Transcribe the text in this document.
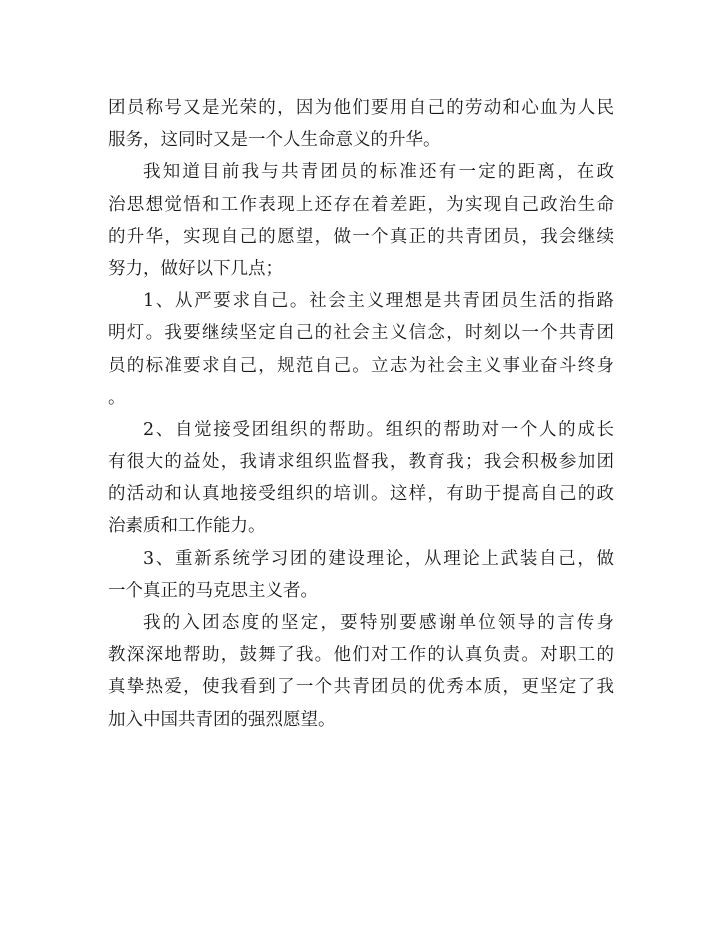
团员称号又是光荣的，因为他们要用自己的劳动和心血为人民
服务，这同时又是一个人生命意义的升华。
我知道目前我与共青团员的标准还有一定的距离，在政
治思想觉悟和工作表现上还存在着差距，为实现自己政治生命
的升华，实现自己的愿望，做一个真正的共青团员，我会继续
努力，做好以下几点；
1、从严要求自己。社会主义理想是共青团员生活的指路
明灯。我要继续坚定自己的社会主义信念，时刻以一个共青团
员的标准要求自己，规范自己。立志为社会主义事业奋斗终身
。
2、自觉接受团组织的帮助。组织的帮助对一个人的成长
有很大的益处，我请求组织监督我，教育我；我会积极参加团
的活动和认真地接受组织的培训。这样，有助于提高自己的政
治素质和工作能力。
3、重新系统学习团的建设理论，从理论上武装自己，做
一个真正的马克思主义者。
我的入团态度的坚定，要特别要感谢单位领导的言传身
教深深地帮助，鼓舞了我。他们对工作的认真负责。对职工的
真挚热爱，使我看到了一个共青团员的优秀本质，更坚定了我
加入中国共青团的强烈愿望。
